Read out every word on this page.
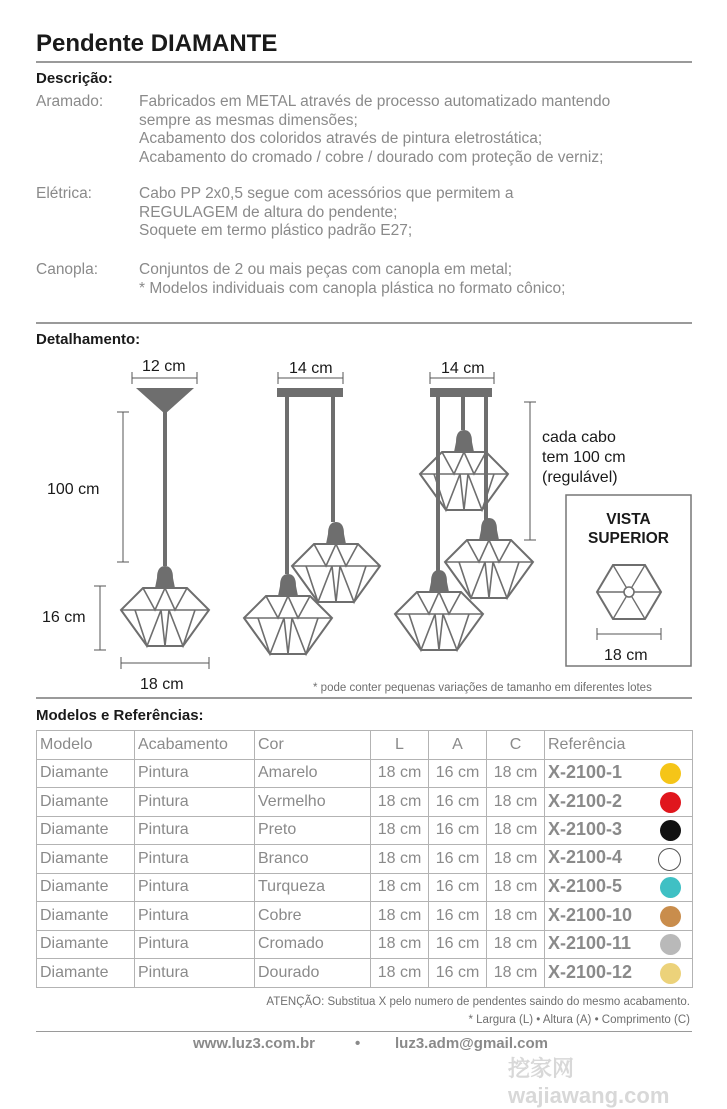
Pendente DIAMANTE
Descrição:
Aramado: Fabricados em METAL através de processo automatizado mantendo
sempre as mesmas dimensões;
Acabamento dos coloridos através de pintura eletrostática;
Acabamento do cromado / cobre / dourado com proteção de verniz;
Elétrica:	Cabo PP 2x0,5 segue com acessórios que permitem a
REGULAGEM de altura do pendente;
Soquete em termo plástico padrão E27;
Canopla:	Conjuntos de 2 ou mais peças com canopla em metal;
* Modelos individuais com canopla plástica no formato cônico;
Detalhamento:
12 cm	14 cm	14 cm
100 cm
16 cm
18 cm
cada cabo
tem 100 cm
(regulável)
VISTA
SUPERIOR
18 cm
* pode conter pequenas variações de tamanho em diferentes lotes
Modelos e Referências:
Modelo	Acabamento	Cor	L	A	C	Referência
Diamante	Pintura	Amarelo	18 cm	16 cm	18 cm	X-2100-1

Diamante	Pintura	Vermelho	18 cm	16 cm	18 cm	X-2100-2

Diamante	Pintura	Preto	18 cm	16 cm	18 cm	X-2100-3

Diamante	Pintura	Branco	18 cm	16 cm	18 cm	X-2100-4

Diamante	Pintura	Turqueza	18 cm	16 cm	18 cm	X-2100-5

Diamante	Pintura	Cobre	18 cm	16 cm	18 cm	X-2100-10

Diamante	Pintura	Cromado	18 cm	16 cm	18 cm	X-2100-11

Diamante	Pintura	Dourado	18 cm	16 cm	18 cm	X-2100-12
ATENÇÃO: Substitua X pelo numero de pendentes saindo do mesmo acabamento.
* Largura (L) • Altura (A) • Comprimento (C)
www.luz3.com.br	• luz3.adm@gmail.com
挖家网 wajiawang.com
